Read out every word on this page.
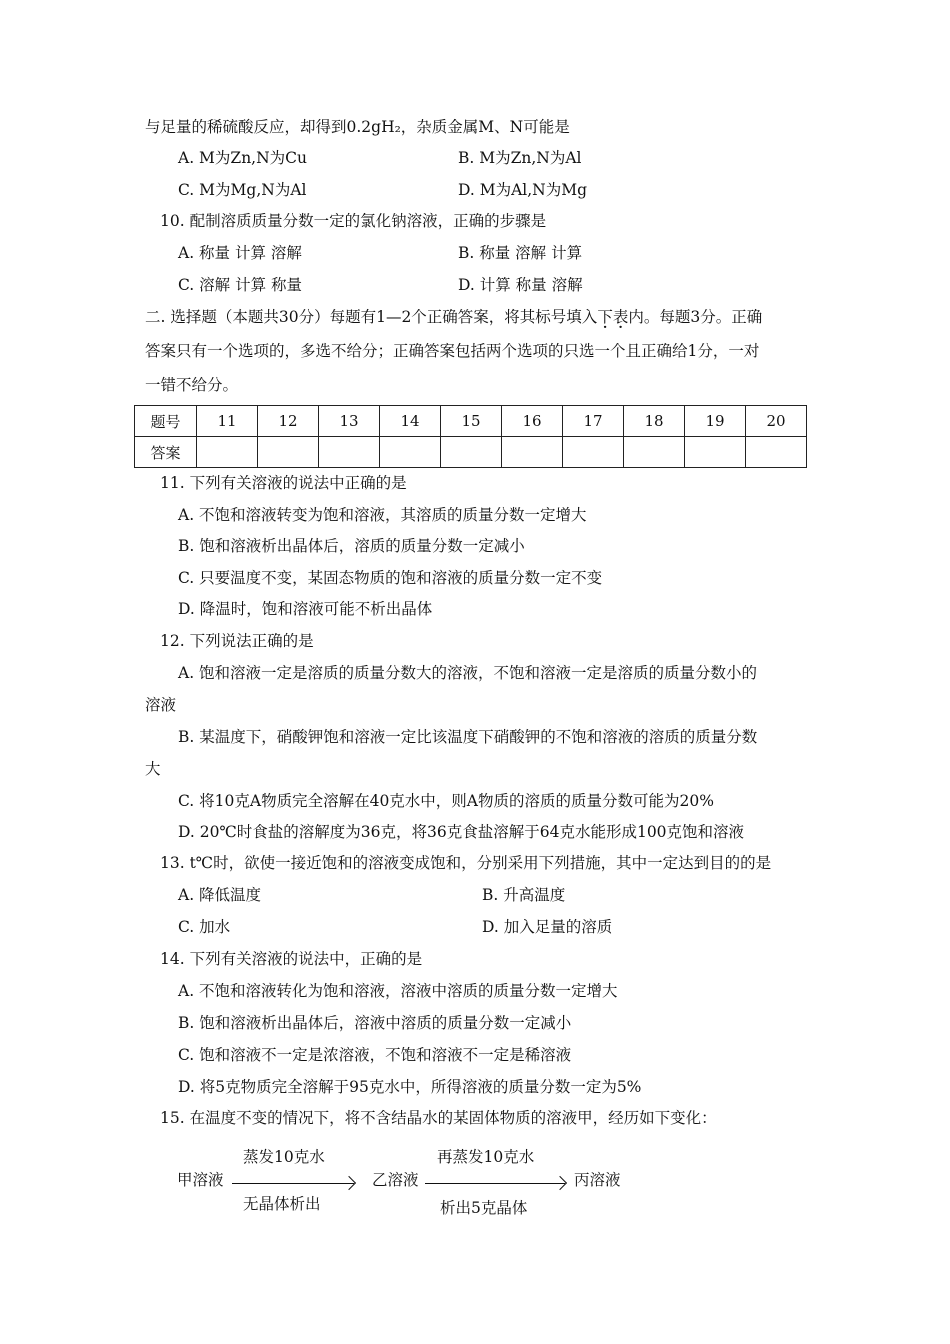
与足量的稀硫酸反应，却得到0.2gH₂，杂质金属M、N可能是
A. M为Zn,N为Cu	B. M为Zn,N为Al
C. M为Mg,N为Al	D. M为Al,N为Mg
10. 配制溶质质量分数一定的氯化钠溶液，正确的步骤是
A. 称量 计算 溶解	B. 称量 溶解 计算
C. 溶解 计算 称量	D. 计算 称量 溶解
二. 选择题（本题共30分）每题有1—2个正确答案，将其标号填入下表内。每题3分。正确
答案只有一个选项的，多选不给分；正确答案包括两个选项的只选一个且正确给1分，一对
一错不给分。
题号	11	12	13	14	15	16	17	18	19	20
答案										
11. 下列有关溶液的说法中正确的是
A. 不饱和溶液转变为饱和溶液，其溶质的质量分数一定增大
B. 饱和溶液析出晶体后，溶质的质量分数一定减小
C. 只要温度不变，某固态物质的饱和溶液的质量分数一定不变
D. 降温时，饱和溶液可能不析出晶体
12. 下列说法正确的是
A. 饱和溶液一定是溶质的质量分数大的溶液，不饱和溶液一定是溶质的质量分数小的
溶液
B. 某温度下，硝酸钾饱和溶液一定比该温度下硝酸钾的不饱和溶液的溶质的质量分数
大
C. 将10克A物质完全溶解在40克水中，则A物质的溶质的质量分数可能为20%
D. 20℃时食盐的溶解度为36克，将36克食盐溶解于64克水能形成100克饱和溶液
13. t℃时，欲使一接近饱和的溶液变成饱和，分别采用下列措施，其中一定达到目的的是
A. 降低温度	B. 升高温度
C. 加水	D. 加入足量的溶质
14. 下列有关溶液的说法中，正确的是
A. 不饱和溶液转化为饱和溶液，溶液中溶质的质量分数一定增大
B. 饱和溶液析出晶体后，溶液中溶质的质量分数一定减小
C. 饱和溶液不一定是浓溶液，不饱和溶液不一定是稀溶液
D. 将5克物质完全溶解于95克水中，所得溶液的质量分数一定为5%
15. 在温度不变的情况下，将不含结晶水的某固体物质的溶液甲，经历如下变化：
甲溶液
蒸发10克水
无晶体析出
乙溶液
再蒸发10克水
析出5克晶体
丙溶液
